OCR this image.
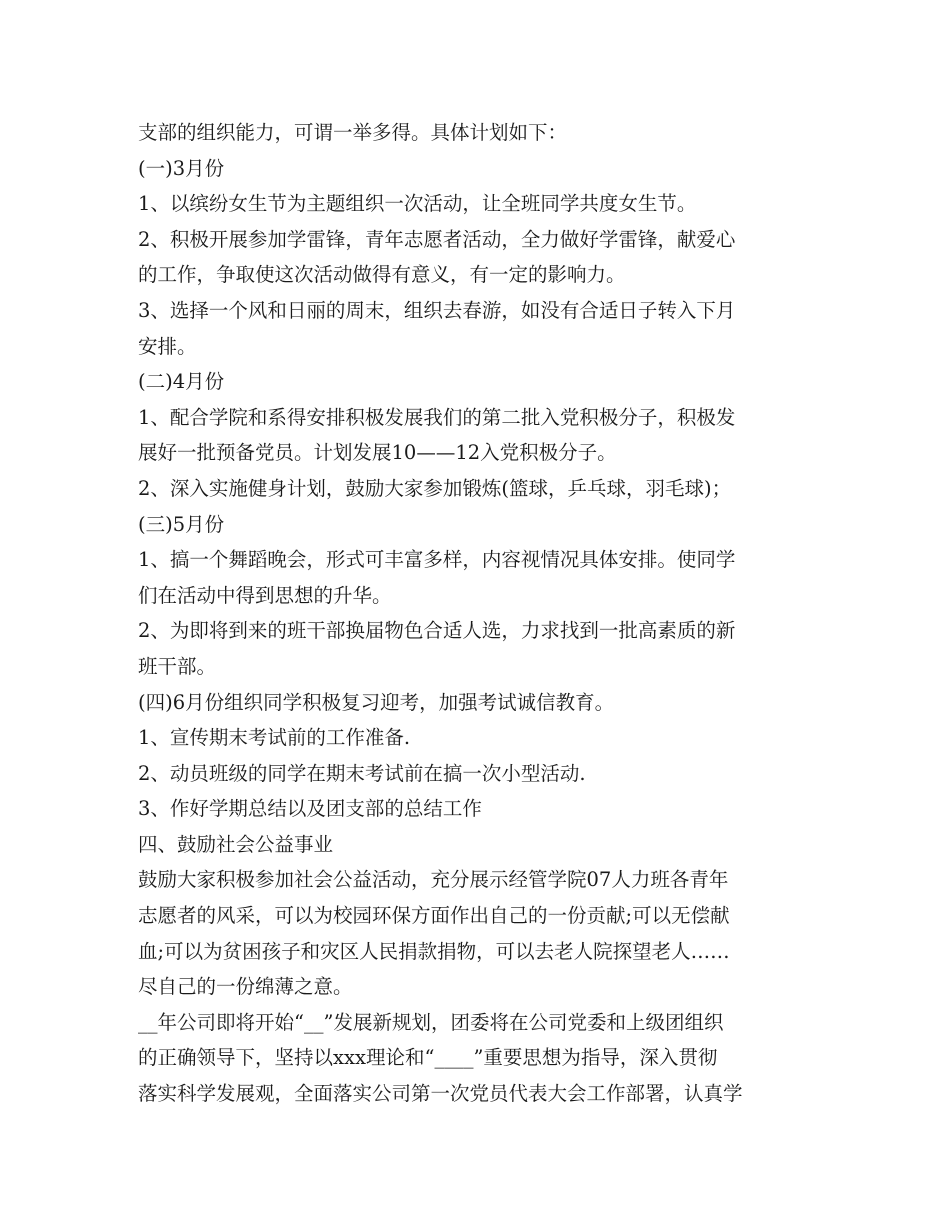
支部的组织能力，可谓一举多得。具体计划如下：
(一)3月份
1、以缤纷女生节为主题组织一次活动，让全班同学共度女生节。
2、积极开展参加学雷锋，青年志愿者活动，全力做好学雷锋，献爱心
的工作，争取使这次活动做得有意义，有一定的影响力。
3、选择一个风和日丽的周末，组织去春游，如没有合适日子转入下月
安排。
(二)4月份
1、配合学院和系得安排积极发展我们的第二批入党积极分子，积极发
展好一批预备党员。计划发展10——12入党积极分子。
2、深入实施健身计划，鼓励大家参加锻炼(篮球，乒乓球，羽毛球)；
(三)5月份
1、搞一个舞蹈晚会，形式可丰富多样，内容视情况具体安排。使同学
们在活动中得到思想的升华。
2、为即将到来的班干部换届物色合适人选，力求找到一批高素质的新
班干部。
(四)6月份组织同学积极复习迎考，加强考试诚信教育。
1、宣传期末考试前的工作准备.
2、动员班级的同学在期末考试前在搞一次小型活动.
3、作好学期总结以及团支部的总结工作
四、鼓励社会公益事业
鼓励大家积极参加社会公益活动，充分展示经管学院07人力班各青年
志愿者的风采，可以为校园环保方面作出自己的一份贡献;可以无偿献
血;可以为贫困孩子和灾区人民捐款捐物，可以去老人院探望老人……
尽自己的一份绵薄之意。
__年公司即将开始“__”发展新规划，团委将在公司党委和上级团组织
的正确领导下，坚持以xxx理论和“____”重要思想为指导，深入贯彻
落实科学发展观，全面落实公司第一次党员代表大会工作部署，认真学
